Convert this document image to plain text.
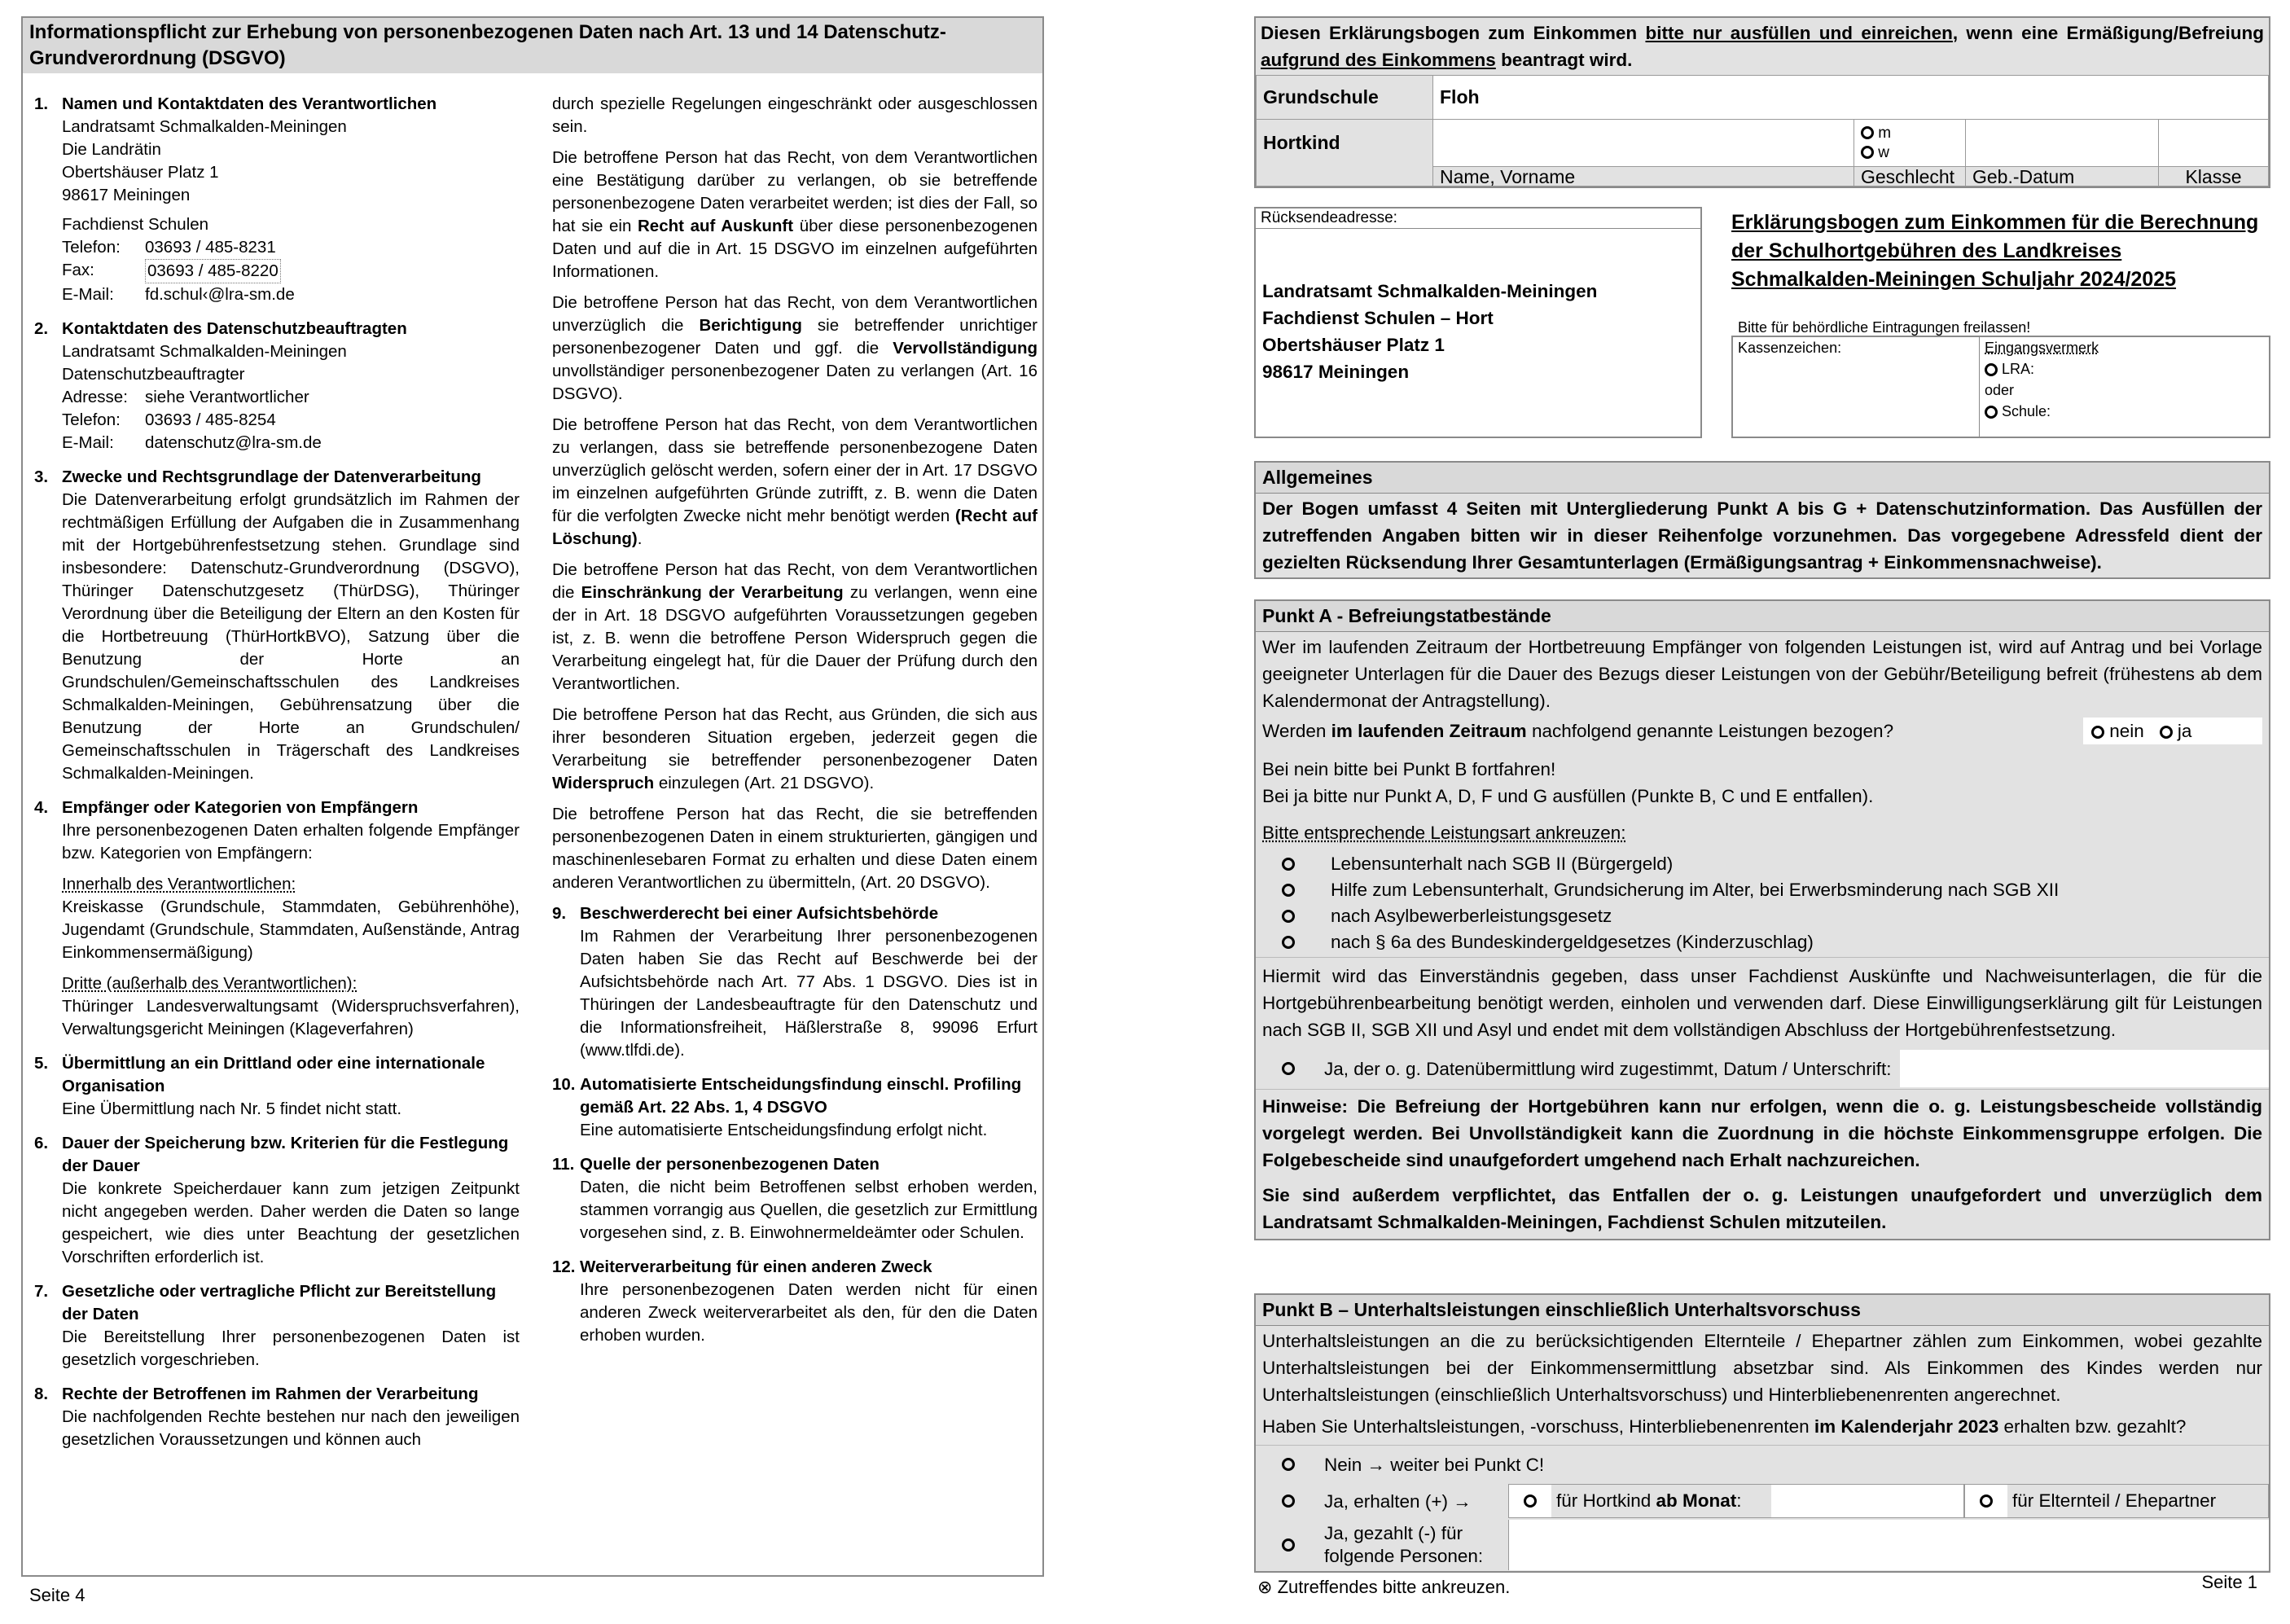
Informationspflicht zur Erhebung von personenbezogenen Daten nach Art. 13 und 14 Datenschutz-Grundverordnung (DSGVO)
1. Namen und Kontaktdaten des Verantwortlichen
Landratsamt Schmalkalden-Meiningen
Die Landrätin
Obertshäuser Platz 1
98617 Meiningen
Fachdienst Schulen
Telefon:	03693 / 485-8231
Fax:	03693 / 485-8220
E-Mail:	fd.schul‹@lra-sm.de
2. Kontaktdaten des Datenschutzbeauftragten
Landratsamt Schmalkalden-Meiningen
Datenschutzbeauftragter
Adresse:	siehe Verantwortlicher
Telefon:	03693 / 485-8254
E-Mail:	datenschutz@lra-sm.de
3. Zwecke und Rechtsgrundlage der Datenverarbeitung

Die Datenverarbeitung erfolgt grundsätzlich im Rahmen der rechtmäßigen Erfüllung der Aufgaben die in Zusammenhang mit der Hortgebührenfestsetzung stehen. Grundlage sind insbesondere: Datenschutz-Grundverordnung (DSGVO), Thüringer Datenschutzgesetz (ThürDSG), Thüringer Verordnung über die Beteiligung der Eltern an den Kosten für die Hortbetreuung (ThürHortkBVO), Satzung über die Benutzung der Horte an Grundschulen/Gemeinschaftsschulen des Landkreises Schmalkalden-Meiningen, Gebührensatzung über die Benutzung der Horte an Grundschulen/ Gemeinschaftsschulen in Trägerschaft des Landkreises Schmalkalden-Meiningen.

4. Empfänger oder Kategorien von Empfängern

Ihre personenbezogenen Daten erhalten folgende Empfänger bzw. Kategorien von Empfängern:

Innerhalb des Verantwortlichen:

Kreiskasse (Grundschule, Stammdaten, Gebührenhöhe), Jugendamt (Grundschule, Stammdaten, Außenstände, Antrag Einkommensermäßigung)

Dritte (außerhalb des Verantwortlichen):

Thüringer Landesverwaltungsamt (Widerspruchsverfahren), Verwaltungsgericht Meiningen (Klageverfahren)

5. Übermittlung an ein Drittland oder eine internationale Organisation

Eine Übermittlung nach Nr. 5 findet nicht statt.

6. Dauer der Speicherung bzw. Kriterien für die Festlegung der Dauer

Die konkrete Speicherdauer kann zum jetzigen Zeitpunkt nicht angegeben werden. Daher werden die Daten so lange gespeichert, wie dies unter Beachtung der gesetzlichen Vorschriften erforderlich ist.

7. Gesetzliche oder vertragliche Pflicht zur Bereitstellung der Daten

Die Bereitstellung Ihrer personenbezogenen Daten ist gesetzlich vorgeschrieben.

8. Rechte der Betroffenen im Rahmen der Verarbeitung

Die nachfolgenden Rechte bestehen nur nach den jeweiligen gesetzlichen Voraussetzungen und können auch

durch spezielle Regelungen eingeschränkt oder ausgeschlossen sein.

Die betroffene Person hat das Recht, von dem Verantwortlichen eine Bestätigung darüber zu verlangen, ob sie betreffende personenbezogene Daten verarbeitet werden; ist dies der Fall, so hat sie ein Recht auf Auskunft über diese personenbezogenen Daten und auf die in Art. 15 DSGVO im einzelnen aufgeführten Informationen.

Die betroffene Person hat das Recht, von dem Verantwortlichen unverzüglich die Berichtigung sie betreffender unrichtiger personenbezogener Daten und ggf. die Vervollständigung unvollständiger personenbezogener Daten zu verlangen (Art. 16 DSGVO).

Die betroffene Person hat das Recht, von dem Verantwortlichen zu verlangen, dass sie betreffende personenbezogene Daten unverzüglich gelöscht werden, sofern einer der in Art. 17 DSGVO im einzelnen aufgeführten Gründe zutrifft, z. B. wenn die Daten für die verfolgten Zwecke nicht mehr benötigt werden (Recht auf Löschung).

Die betroffene Person hat das Recht, von dem Verantwortlichen die Einschränkung der Verarbeitung zu verlangen, wenn eine der in Art. 18 DSGVO aufgeführten Voraussetzungen gegeben ist, z. B. wenn die betroffene Person Widerspruch gegen die Verarbeitung eingelegt hat, für die Dauer der Prüfung durch den Verantwortlichen.

Die betroffene Person hat das Recht, aus Gründen, die sich aus ihrer besonderen Situation ergeben, jederzeit gegen die Verarbeitung sie betreffender personenbezogener Daten Widerspruch einzulegen (Art. 21 DSGVO).

Die betroffene Person hat das Recht, die sie betreffenden personenbezogenen Daten in einem strukturierten, gängigen und maschinenlesebaren Format zu erhalten und diese Daten einem anderen Verantwortlichen zu übermitteln, (Art. 20 DSGVO).

9. Beschwerderecht bei einer Aufsichtsbehörde

Im Rahmen der Verarbeitung Ihrer personenbezogenen Daten haben Sie das Recht auf Beschwerde bei der Aufsichtsbehörde nach Art. 77 Abs. 1 DSGVO. Dies ist in Thüringen der Landesbeauftragte für den Datenschutz und die Informationsfreiheit, Häßlerstraße 8, 99096 Erfurt (www.tlfdi.de).

10. Automatisierte Entscheidungsfindung einschl. Profiling gemäß Art. 22 Abs. 1, 4 DSGVO

Eine automatisierte Entscheidungsfindung erfolgt nicht.

11. Quelle der personenbezogenen Daten

Daten, die nicht beim Betroffenen selbst erhoben werden, stammen vorrangig aus Quellen, die gesetzlich zur Ermittlung vorgesehen sind, z. B. Einwohnermeldeämter oder Schulen.

12. Weiterverarbeitung für einen anderen Zweck

Ihre personenbezogenen Daten werden nicht für einen anderen Zweck weiterverarbeitet als den, für den die Daten erhoben wurden.

Seite 4
Diesen Erklärungsbogen zum Einkommen bitte nur ausfüllen und einreichen, wenn eine Ermäßigung/Befreiung aufgrund des Einkommens beantragt wird.
Grundschule	Floh			
Hortkind		m
w		

	Name, Vorname	Geschlecht	Geb.-Datum	Klasse
Rücksendeadresse:
Landratsamt Schmalkalden-Meiningen
Fachdienst Schulen – Hort
Obertshäuser Platz 1
98617 Meiningen
Erklärungsbogen zum Einkommen für die Berechnung der Schulhortgebühren des Landkreises Schmalkalden-Meiningen Schuljahr 2024/2025
Bitte für behördliche Eintragungen freilassen!
Kassenzeichen:	Eingangsvermerk
LRA:
oder
Schule:
Allgemeines
Der Bogen umfasst 4 Seiten mit Untergliederung Punkt A bis G + Datenschutzinformation. Das Ausfüllen der zutreffenden Angaben bitten wir in dieser Reihenfolge vorzunehmen. Das vorgegebene Adressfeld dient der gezielten Rücksendung Ihrer Gesamtunterlagen (Ermäßigungsantrag + Einkommensnachweise).
Punkt A - Befreiungstatbestände
Wer im laufenden Zeitraum der Hortbetreuung Empfänger von folgenden Leistungen ist, wird auf Antrag und bei Vorlage geeigneter Unterlagen für die Dauer des Bezugs dieser Leistungen von der Gebühr/Beteiligung befreit (frühestens ab dem Kalendermonat der Antragstellung).
Werden im laufenden Zeitraum nachfolgend genannte Leistungen bezogen?	nein ja
Bei nein bitte bei Punkt B fortfahren!
Bei ja bitte nur Punkt A, D, F und G ausfüllen (Punkte B, C und E entfallen).
Bitte entsprechende Leistungsart ankreuzen:
Lebensunterhalt nach SGB II (Bürgergeld)
Hilfe zum Lebensunterhalt, Grundsicherung im Alter, bei Erwerbsminderung nach SGB XII
nach Asylbewerberleistungsgesetz
nach § 6a des Bundeskindergeldgesetzes (Kinderzuschlag)
Hiermit wird das Einverständnis gegeben, dass unser Fachdienst Auskünfte und Nachweisunterlagen, die für die Hortgebührenbearbeitung benötigt werden, einholen und verwenden darf. Diese Einwilligungserklärung gilt für Leistungen nach SGB II, SGB XII und Asyl und endet mit dem vollständigen Abschluss der Hortgebührenfestsetzung.
Ja, der o. g. Datenübermittlung wird zugestimmt, Datum / Unterschrift:

Hinweise: Die Befreiung der Hortgebühren kann nur erfolgen, wenn die o. g. Leistungsbescheide vollständig vorgelegt werden. Bei Unvollständigkeit kann die Zuordnung in die höchste Einkommensgruppe erfolgen. Die Folgebescheide sind unaufgefordert umgehend nach Erhalt nachzureichen.

Sie sind außerdem verpflichtet, das Entfallen der o. g. Leistungen unaufgefordert und unverzüglich dem Landratsamt Schmalkalden-Meiningen, Fachdienst Schulen mitzuteilen.

Punkt B – Unterhaltsleistungen einschließlich Unterhaltsvorschuss
Unterhaltsleistungen an die zu berücksichtigenden Elternteile / Ehepartner zählen zum Einkommen, wobei gezahlte Unterhaltsleistungen bei der Einkommensermittlung absetzbar sind. Als Einkommen des Kindes werden nur Unterhaltsleistungen (einschließlich Unterhaltsvorschuss) und Hinterbliebenenrenten angerechnet.
Haben Sie Unterhaltsleistungen, -vorschuss, Hinterbliebenenrenten im Kalenderjahr 2023 erhalten bzw. gezahlt?
Nein → weiter bei Punkt C!
Ja, erhalten (+) →	für Hortkind ab Monat:	für Elternteil / Ehepartner
Ja, gezahlt (-) für
folgende Personen:
⊗ Zutreffendes bitte ankreuzen.	Seite 1
